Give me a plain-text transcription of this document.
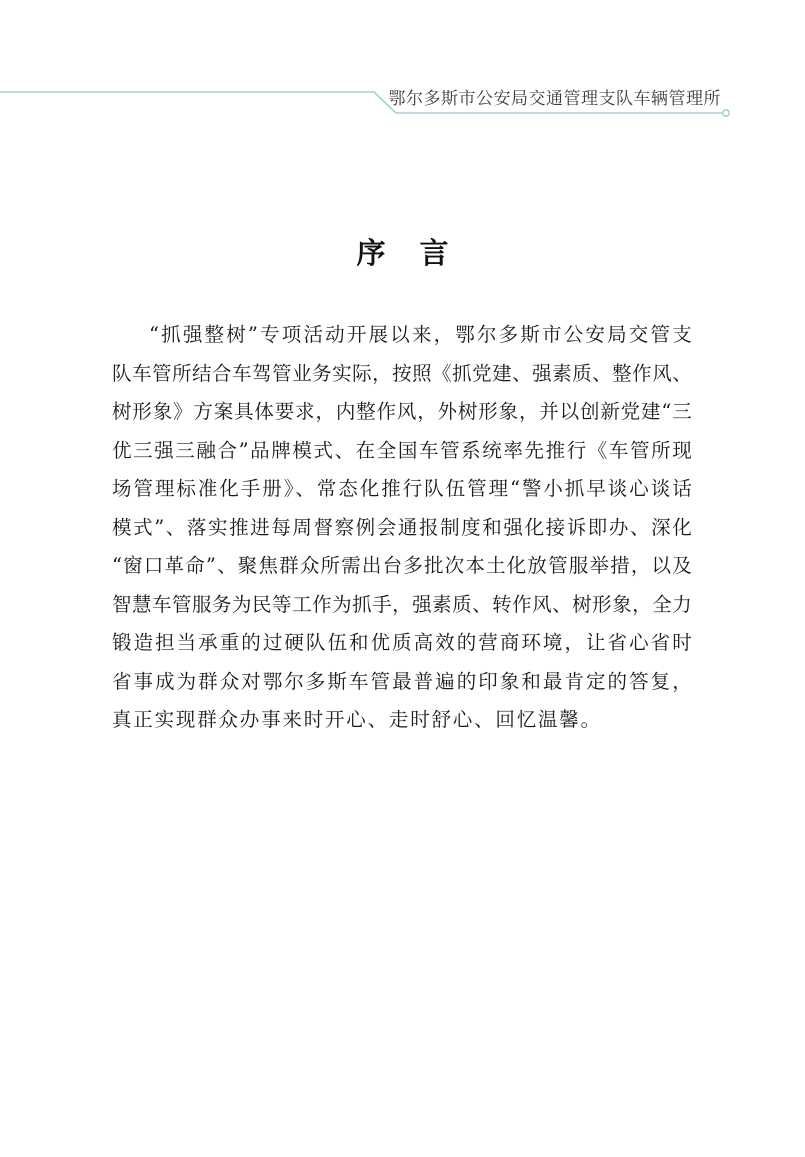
鄂尔多斯市公安局交通管理支队车辆管理所
序 言
“抓强整树”专项活动开展以来，鄂尔多斯市公安局交管支
队车管所结合车驾管业务实际，按照《抓党建、强素质、整作风、
树形象》方案具体要求，内整作风，外树形象，并以创新党建“三
优三强三融合”品牌模式、在全国车管系统率先推行《车管所现
场管理标准化手册》、常态化推行队伍管理“警小抓早谈心谈话
模式”、落实推进每周督察例会通报制度和强化接诉即办、深化
“窗口革命”、聚焦群众所需出台多批次本土化放管服举措，以及
智慧车管服务为民等工作为抓手，强素质、转作风、树形象，全力
锻造担当承重的过硬队伍和优质高效的营商环境，让省心省时
省事成为群众对鄂尔多斯车管最普遍的印象和最肯定的答复，
真正实现群众办事来时开心、走时舒心、回忆温馨。
